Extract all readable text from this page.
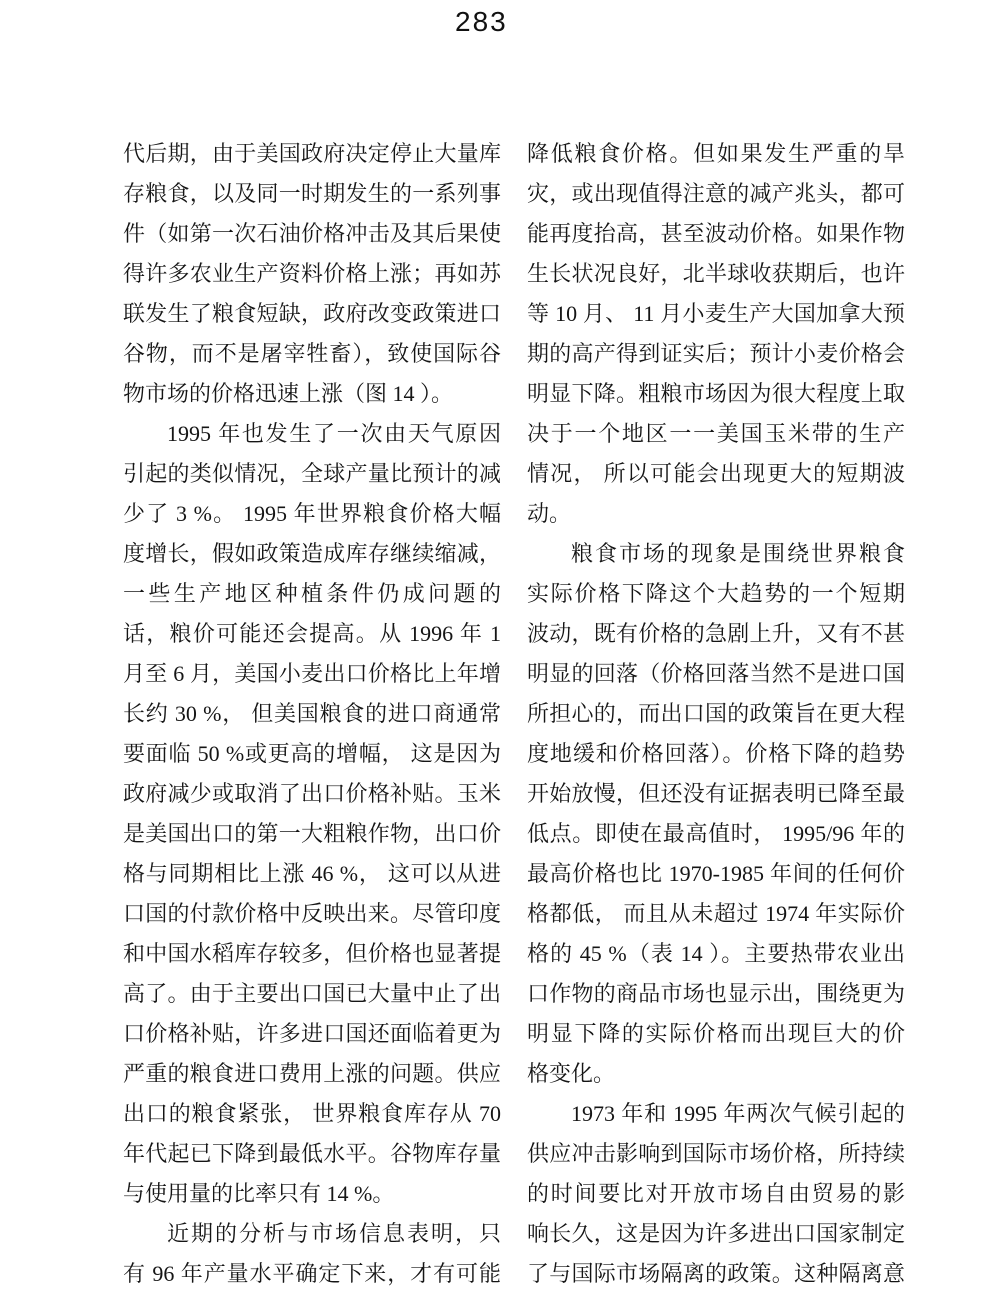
283
代后期，由于美国政府决定停止大量库
存粮食，以及同一时期发生的一系列事
件（如第一次石油价格冲击及其后果使
得许多农业生产资料价格上涨；再如苏
联发生了粮食短缺，政府改变政策进口
谷物，而不是屠宰牲畜），致使国际谷
物市场的价格迅速上涨（图 14 ）。
1995 年也发生了一次由天气原因
引起的类似情况，全球产量比预计的减
少了 3 %。 1995 年世界粮食价格大幅
度增长，假如政策造成库存继续缩减，
一些生产地区种植条件仍成问题的
话，粮价可能还会提高。从 1996 年 1
月至 6 月，美国小麦出口价格比上年增
长约 30 %， 但美国粮食的进口商通常
要面临 50 %或更高的增幅， 这是因为
政府减少或取消了出口价格补贴。玉米
是美国出口的第一大粗粮作物，出口价
格与同期相比上涨 46 %， 这可以从进
口国的付款价格中反映出来。尽管印度
和中国水稻库存较多，但价格也显著提
高了。由于主要出口国已大量中止了出
口价格补贴，许多进口国还面临着更为
严重的粮食进口费用上涨的问题。供应
出口的粮食紧张， 世界粮食库存从 70
年代起已下降到最低水平。谷物库存量
与使用量的比率只有 14 %。
近期的分析与市场信息表明，只
有 96 年产量水平确定下来，才有可能
降低粮食价格。但如果发生严重的旱
灾，或出现值得注意的减产兆头，都可
能再度抬高，甚至波动价格。如果作物
生长状况良好，北半球收获期后，也许
等 10 月、 11 月小麦生产大国加拿大预
期的高产得到证实后；预计小麦价格会
明显下降。粗粮市场因为很大程度上取
决于一个地区一一美国玉米带的生产
情况， 所以可能会出现更大的短期波
动。
粮食市场的现象是围绕世界粮食
实际价格下降这个大趋势的一个短期
波动，既有价格的急剧上升，又有不甚
明显的回落（价格回落当然不是进口国
所担心的，而出口国的政策旨在更大程
度地缓和价格回落）。价格下降的趋势
开始放慢，但还没有证据表明已降至最
低点。即使在最高值时， 1995/96 年的
最高价格也比 1970-1985 年间的任何价
格都低， 而且从未超过 1974 年实际价
格的 45 %（表 14 ）。主要热带农业出
口作物的商品市场也显示出，围绕更为
明显下降的实际价格而出现巨大的价
格变化。
1973 年和 1995 年两次气候引起的
供应冲击影响到国际市场价格，所持续
的时间要比对开放市场自由贸易的影
响长久，这是因为许多进出口国家制定
了与国际市场隔离的政策。这种隔离意
